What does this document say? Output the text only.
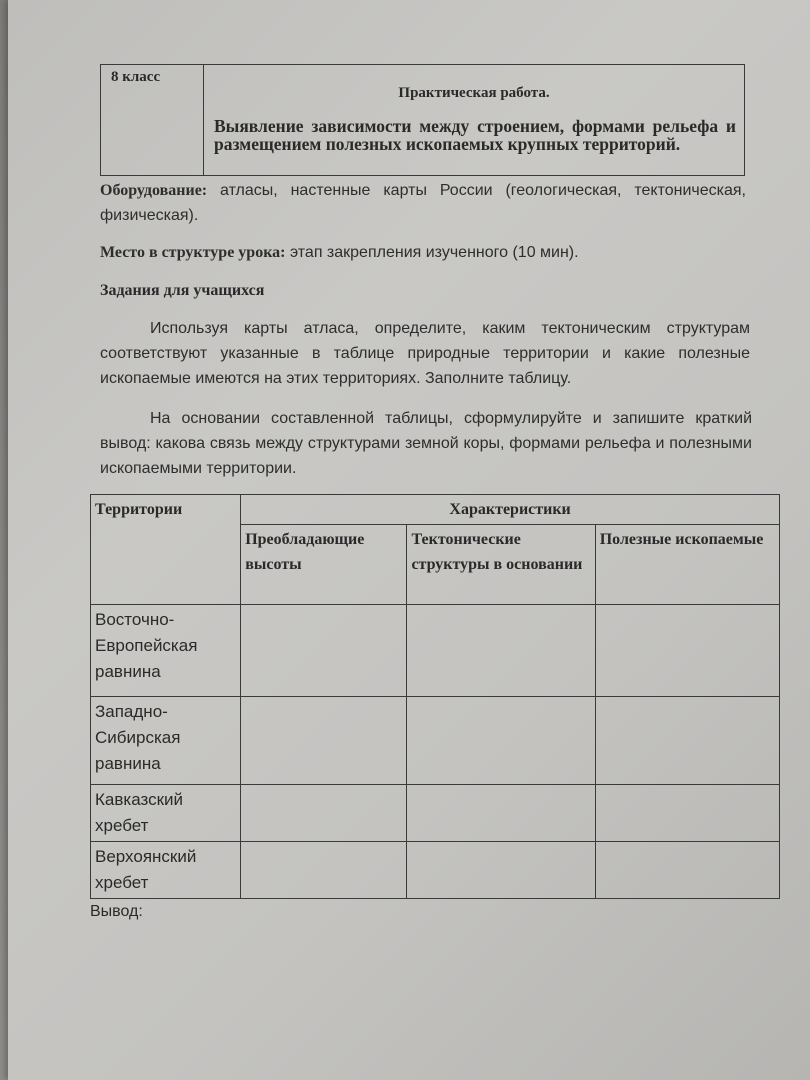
8 класс
Практическая работа.
Выявление зависимости между строением, формами рельефа и размещением полезных ископаемых крупных территорий.
Оборудование: атласы, настенные карты России (геологическая, тектоническая, физическая).
Место в структуре урока: этап закрепления изученного (10 мин).
Задания для учащихся
Используя карты атласа, определите, каким тектоническим структурам соответствуют указанные в таблице природные территории и какие полезные ископаемые имеются на этих территориях. Заполните таблицу.
На основании составленной таблицы, сформулируйте и запишите краткий вывод: какова связь между структурами земной коры, формами рельефа и полезными ископаемыми территории.
Территории	Характеристики		
	Преобладающие высоты	Тектонические структуры в основании	Полезные ископаемые
Восточно-Европейская равнина			
Западно-Сибирская равнина			
Кавказский хребет			
Верхоянский хребет			
Вывод:
